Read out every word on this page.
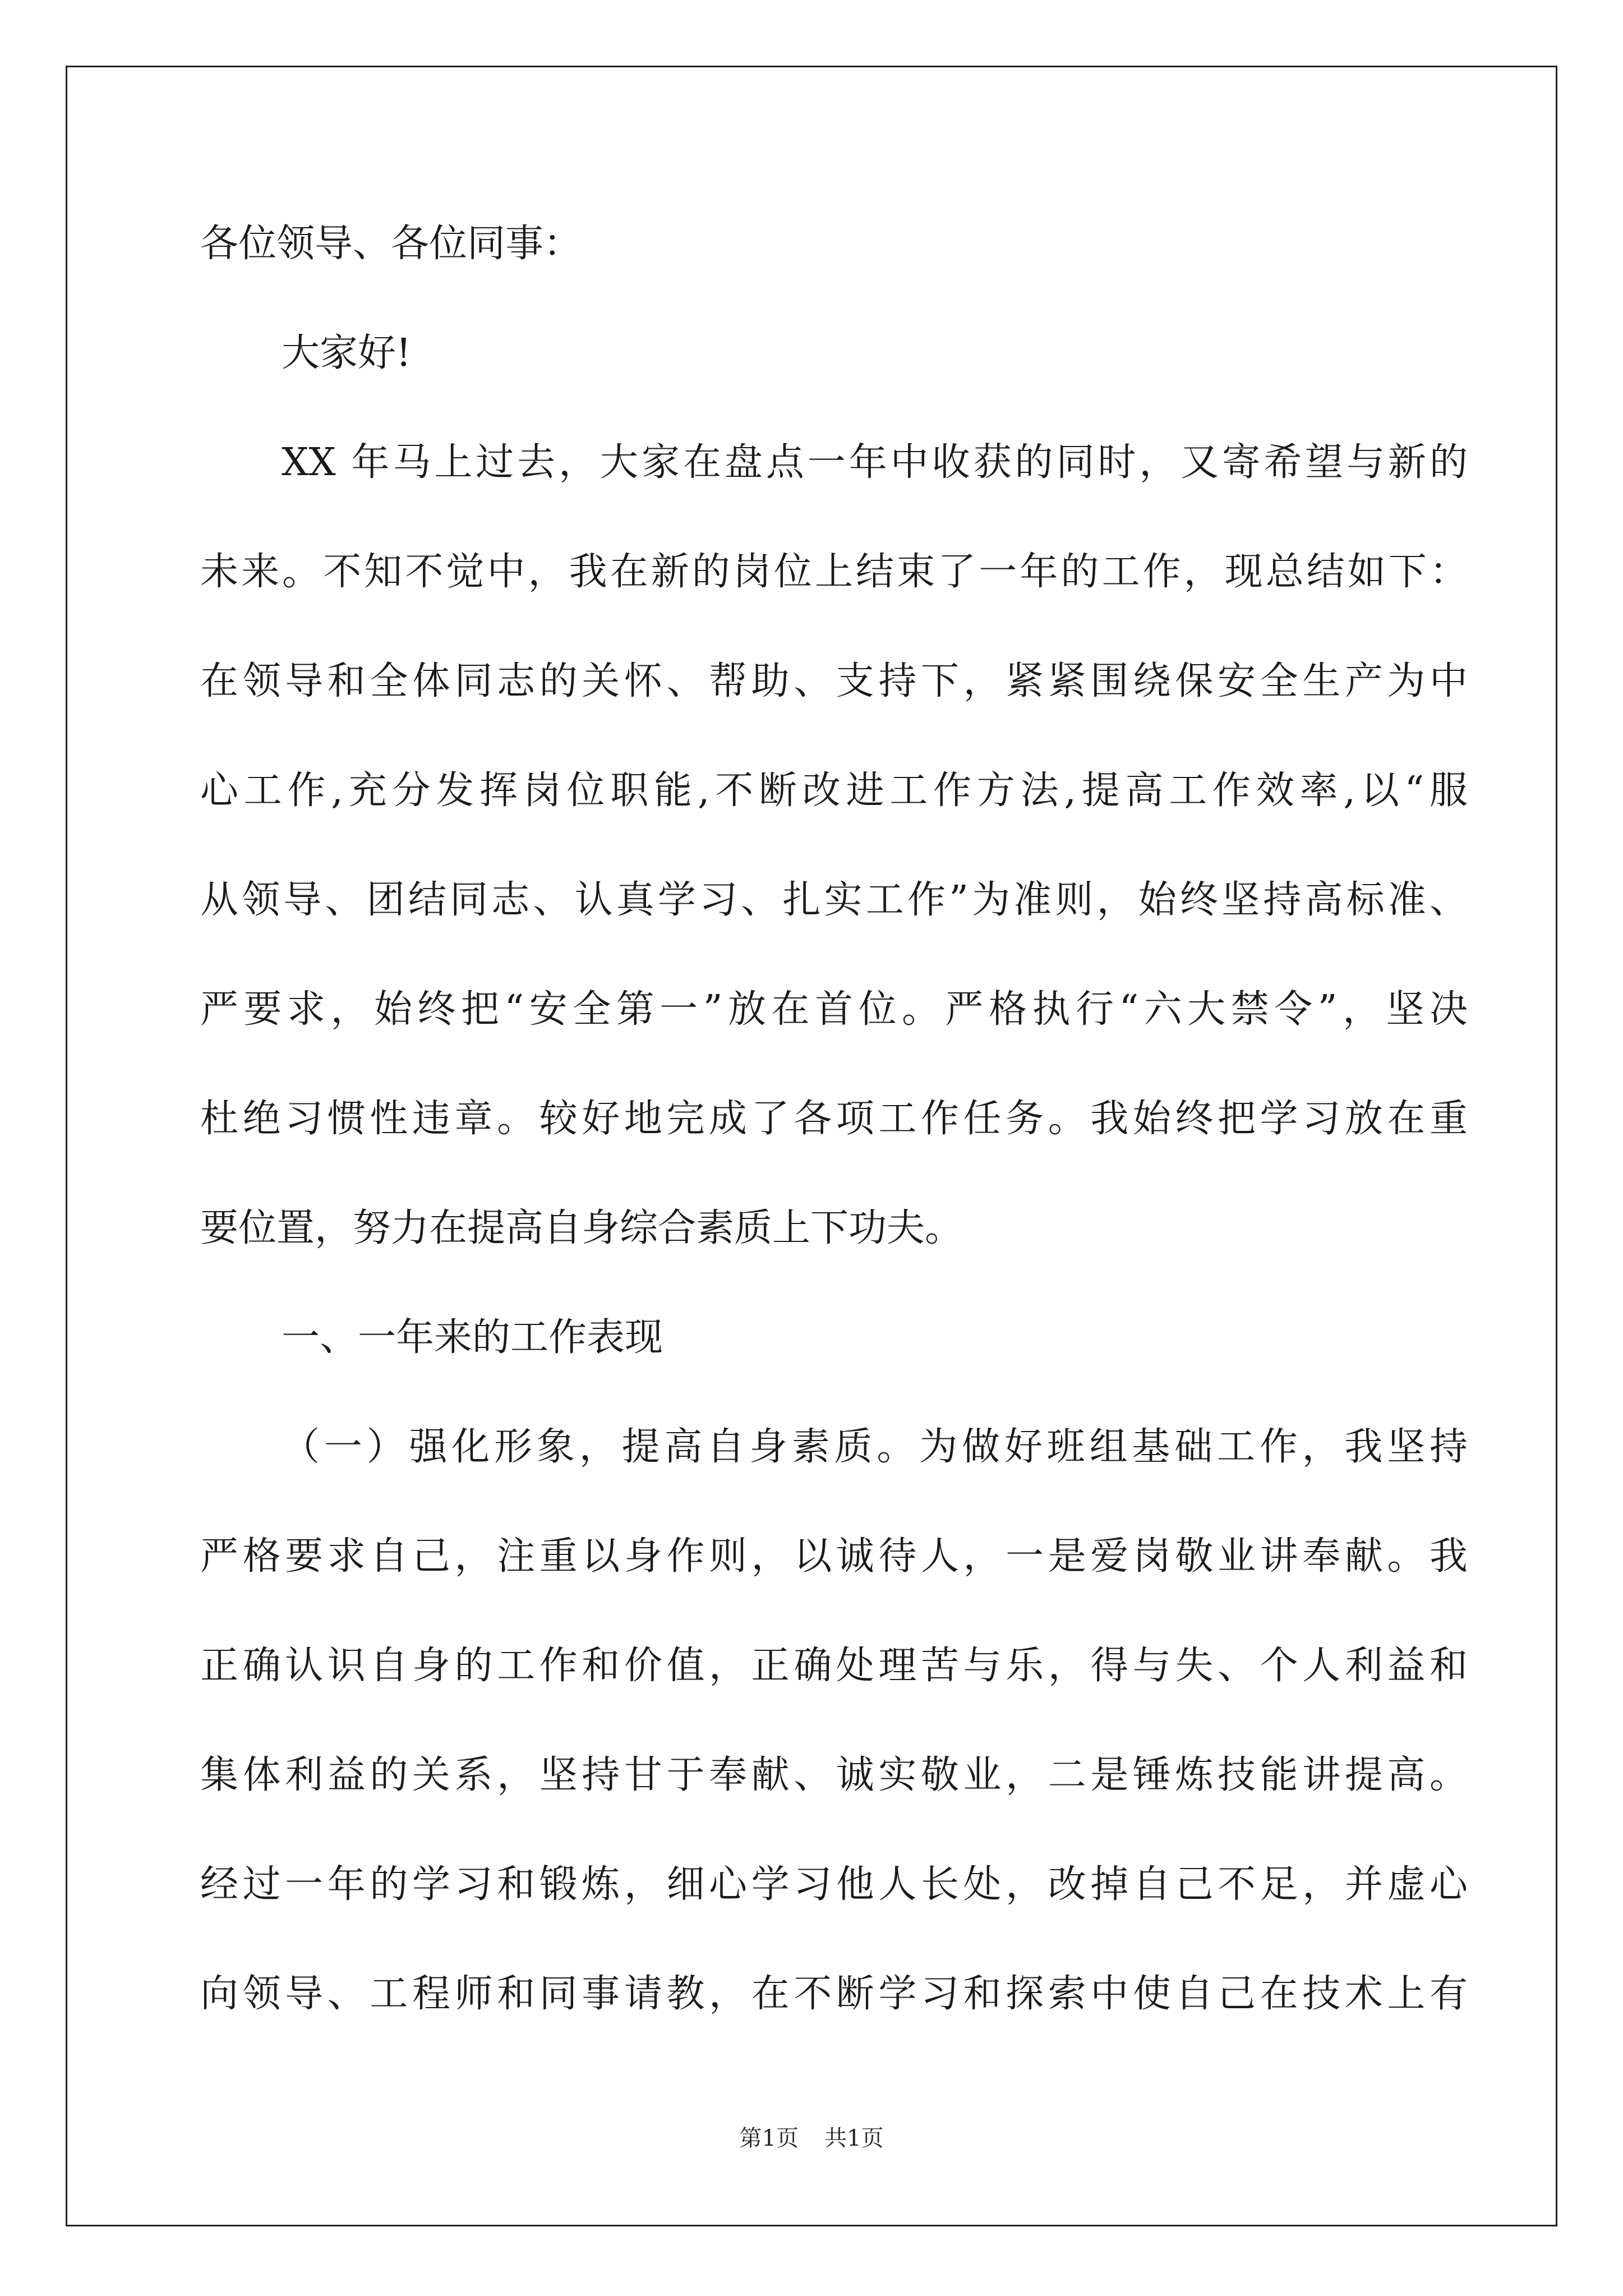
各位领导、各位同事：
大家好!
XX 年马上过去，大家在盘点一年中收获的同时，又寄希望与新的
未来。不知不觉中，我在新的岗位上结束了一年的工作，现总结如下：
在领导和全体同志的关怀、帮助、支持下，紧紧围绕保安全生产为中
心工作,充分发挥岗位职能,不断改进工作方法,提高工作效率,以“服
从领导、团结同志、认真学习、扎实工作”为准则，始终坚持高标准、
严要求，始终把“安全第一”放在首位。严格执行“六大禁令”，坚决
杜绝习惯性违章。较好地完成了各项工作任务。我始终把学习放在重
要位置，努力在提高自身综合素质上下功夫。
一、一年来的工作表现
（一）强化形象，提高自身素质。为做好班组基础工作，我坚持
严格要求自己，注重以身作则，以诚待人，一是爱岗敬业讲奉献。我
正确认识自身的工作和价值，正确处理苦与乐，得与失、个人利益和
集体利益的关系，坚持甘于奉献、诚实敬业，二是锤炼技能讲提高。
经过一年的学习和锻炼，细心学习他人长处，改掉自己不足，并虚心
向领导、工程师和同事请教，在不断学习和探索中使自己在技术上有
第1页 共1页
